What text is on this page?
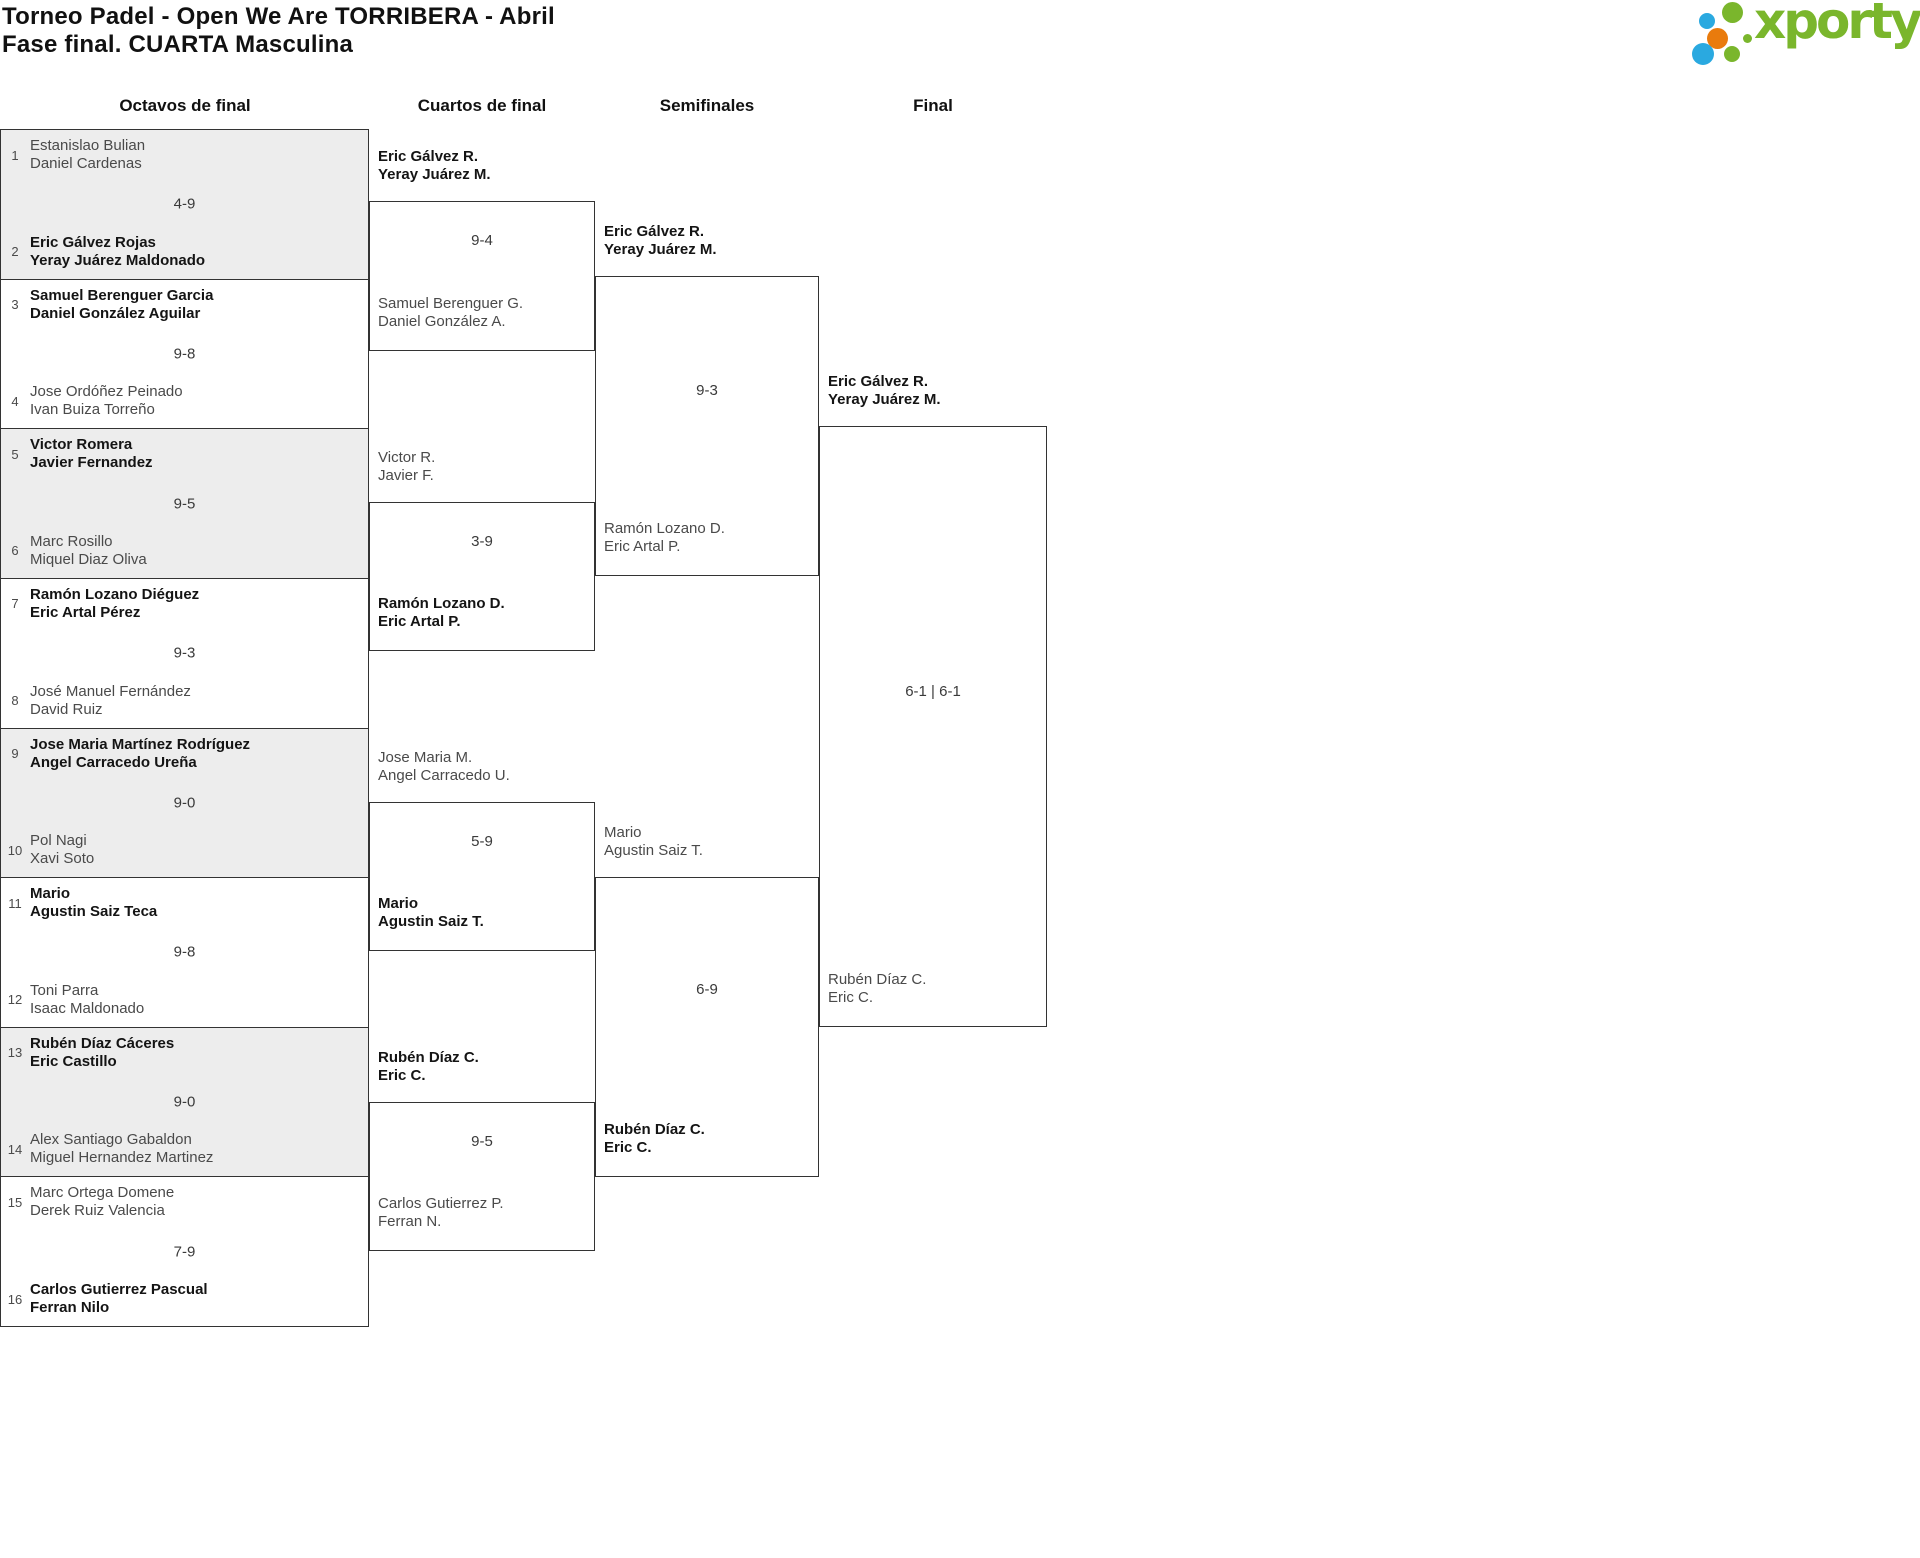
Torneo Padel - Open We Are TORRIBERA - Abril
Fase final. CUARTA Masculina	xporty
Octavos de final	Cuartos de final	Semifinales	Final
1
Estanislao Bulian
Daniel Cardenas
4-9
2
Eric Gálvez Rojas
Yeray Juárez Maldonado
3
Samuel Berenguer Garcia
Daniel González Aguilar
9-8
4
Jose Ordóñez Peinado
Ivan Buiza Torreño
5
Victor Romera
Javier Fernandez
9-5
6
Marc Rosillo
Miquel Diaz Oliva
7
Ramón Lozano Diéguez
Eric Artal Pérez
9-3
8
José Manuel Fernández
David Ruiz
9
Jose Maria Martínez Rodríguez
Angel Carracedo Ureña
9-0
10
Pol Nagi
Xavi Soto
11
Mario
Agustin Saiz Teca
9-8
12
Toni Parra
Isaac Maldonado
13
Rubén Díaz Cáceres
Eric Castillo
9-0
14
Alex Santiago Gabaldon
Miguel Hernandez Martinez
15
Marc Ortega Domene
Derek Ruiz Valencia
7-9
16
Carlos Gutierrez Pascual
Ferran Nilo
Eric Gálvez R.
Yeray Juárez M.
9-4
Samuel Berenguer G.
Daniel González A.
Victor R.
Javier F.
3-9
Ramón Lozano D.
Eric Artal P.
Jose Maria M.
Angel Carracedo U.
5-9
Mario
Agustin Saiz T.
Rubén Díaz C.
Eric C.
9-5
Carlos Gutierrez P.
Ferran N.
Eric Gálvez R.
Yeray Juárez M.
9-3
Ramón Lozano D.
Eric Artal P.
Mario
Agustin Saiz T.
6-9
Rubén Díaz C.
Eric C.
Eric Gálvez R.
Yeray Juárez M.
6-1 | 6-1
Rubén Díaz C.
Eric C.
